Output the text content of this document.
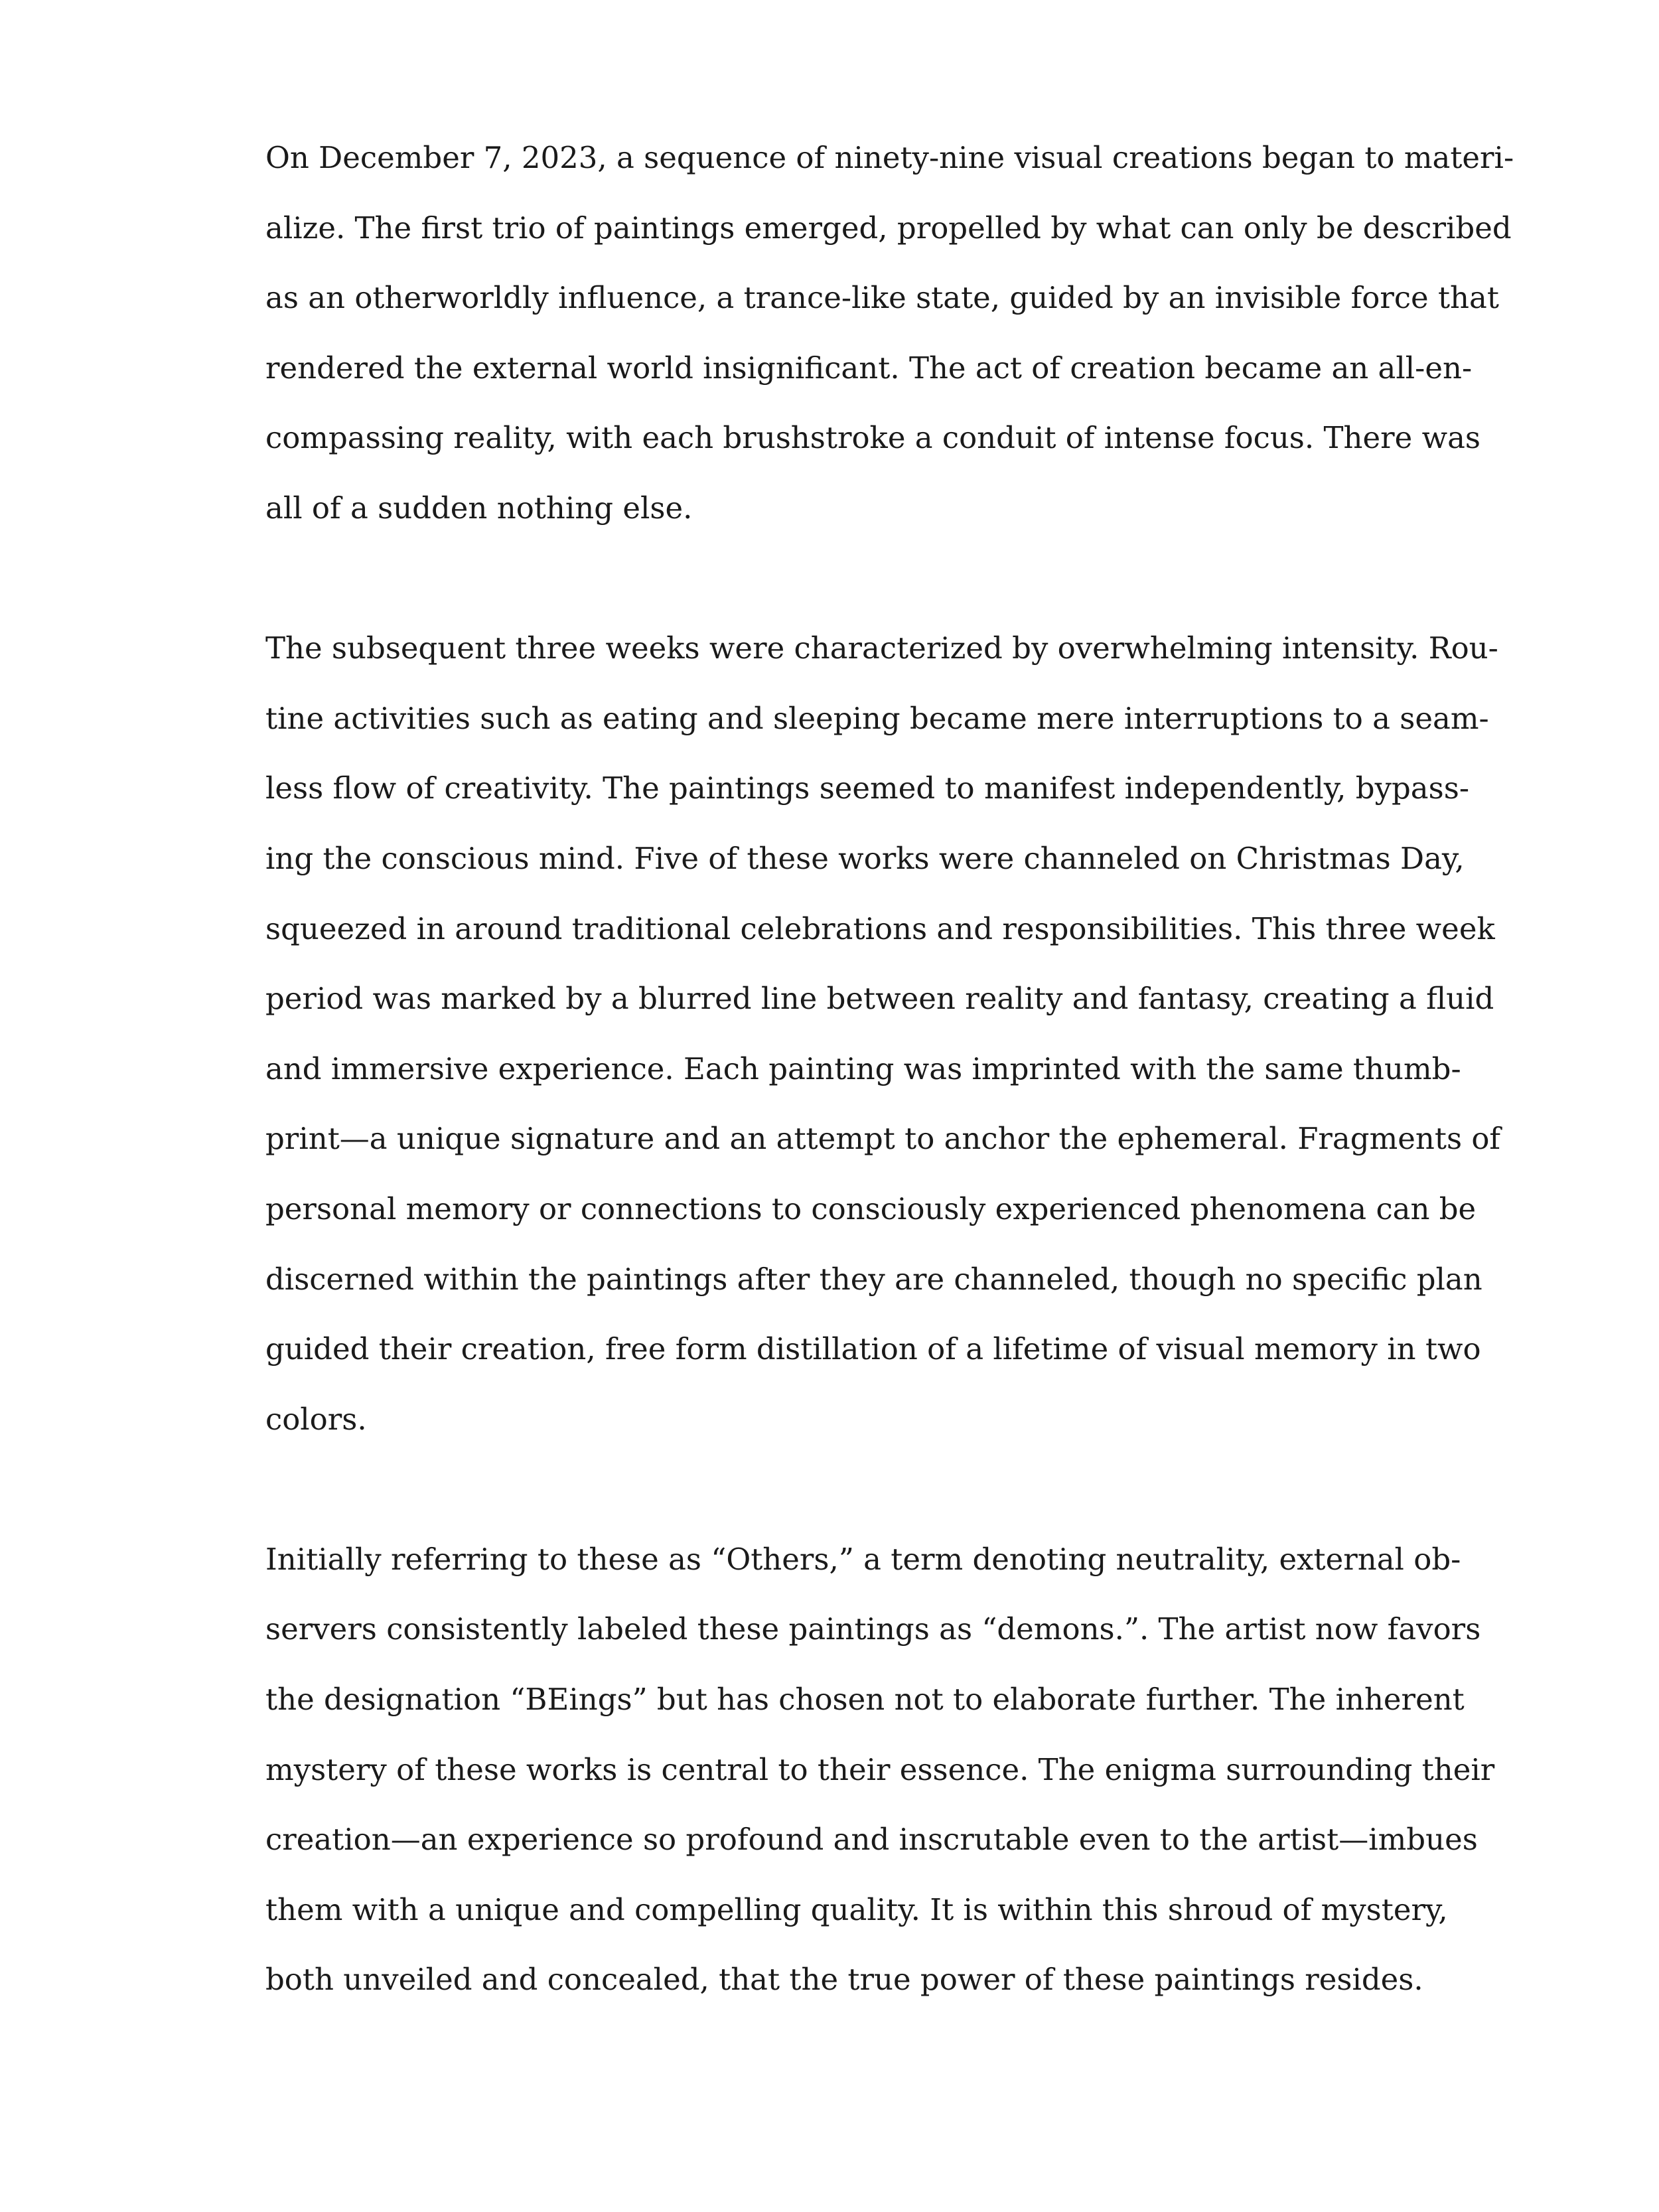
On December 7, 2023, a sequence of ninety-nine visual creations began to materi-
alize. The first trio of paintings emerged, propelled by what can only be described
as an otherworldly influence, a trance-like state, guided by an invisible force that
rendered the external world insignificant. The act of creation became an all-en-
compassing reality, with each brushstroke a conduit of intense focus. There was
all of a sudden nothing else.

The subsequent three weeks were characterized by overwhelming intensity. Rou-
tine activities such as eating and sleeping became mere interruptions to a seam-
less flow of creativity. The paintings seemed to manifest independently, bypass-
ing the conscious mind. Five of these works were channeled on Christmas Day,
squeezed in around traditional celebrations and responsibilities. This three week
period was marked by a blurred line between reality and fantasy, creating a fluid
and immersive experience. Each painting was imprinted with the same thumb-
print—a unique signature and an attempt to anchor the ephemeral. Fragments of
personal memory or connections to consciously experienced phenomena can be
discerned within the paintings after they are channeled, though no specific plan
guided their creation, free form distillation of a lifetime of visual memory in two
colors.

Initially referring to these as “Others,” a term denoting neutrality, external ob-
servers consistently labeled these paintings as “demons.”. The artist now favors
the designation “BEings” but has chosen not to elaborate further. The inherent
mystery of these works is central to their essence. The enigma surrounding their
creation—an experience so profound and inscrutable even to the artist—imbues
them with a unique and compelling quality. It is within this shroud of mystery,
both unveiled and concealed, that the true power of these paintings resides.
